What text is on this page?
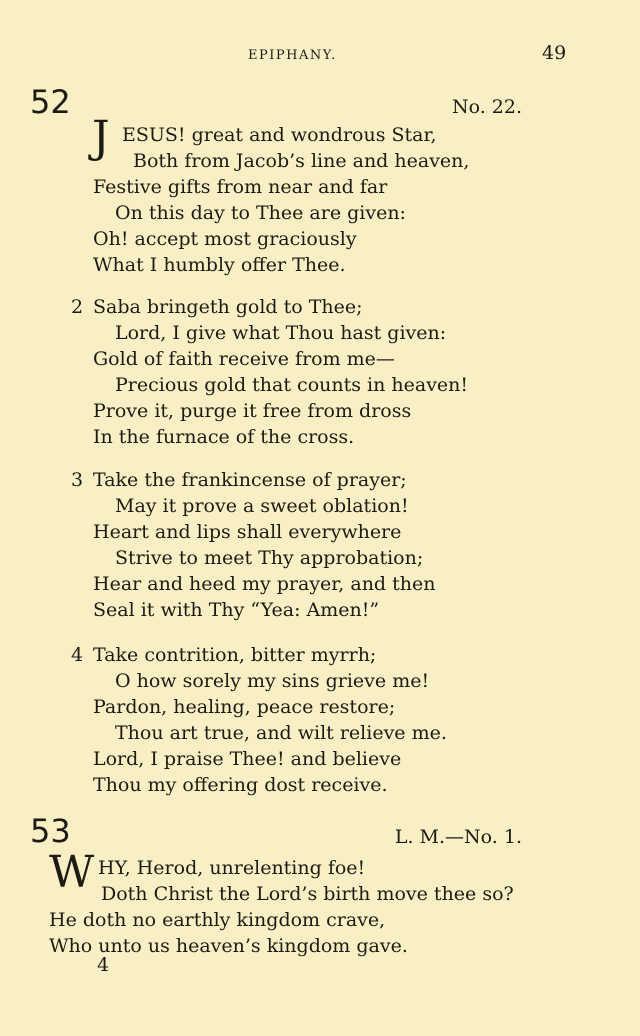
EPIPHANY.	49
52	No. 22.
J ESUS! great and wondrous Star,
Both from Jacob’s line and heaven,
Festive gifts from near and far
On this day to Thee are given:
Oh! accept most graciously
What I humbly offer Thee.
2 Saba bringeth gold to Thee;
Lord, I give what Thou hast given:
Gold of faith receive from me—
Precious gold that counts in heaven!
Prove it, purge it free from dross
In the furnace of the cross.
3 Take the frankincense of prayer;
May it prove a sweet oblation!
Heart and lips shall everywhere
Strive to meet Thy approbation;
Hear and heed my prayer, and then
Seal it with Thy “Yea: Amen!”
4 Take contrition, bitter myrrh;
O how sorely my sins grieve me!
Pardon, healing, peace restore;
Thou art true, and wilt relieve me.
Lord, I praise Thee! and believe
Thou my offering dost receive.
53	L. M.—No. 1.
W HY, Herod, unrelenting foe!
Doth Christ the Lord’s birth move thee so?
He doth no earthly kingdom crave,
Who unto us heaven’s kingdom gave.
4
